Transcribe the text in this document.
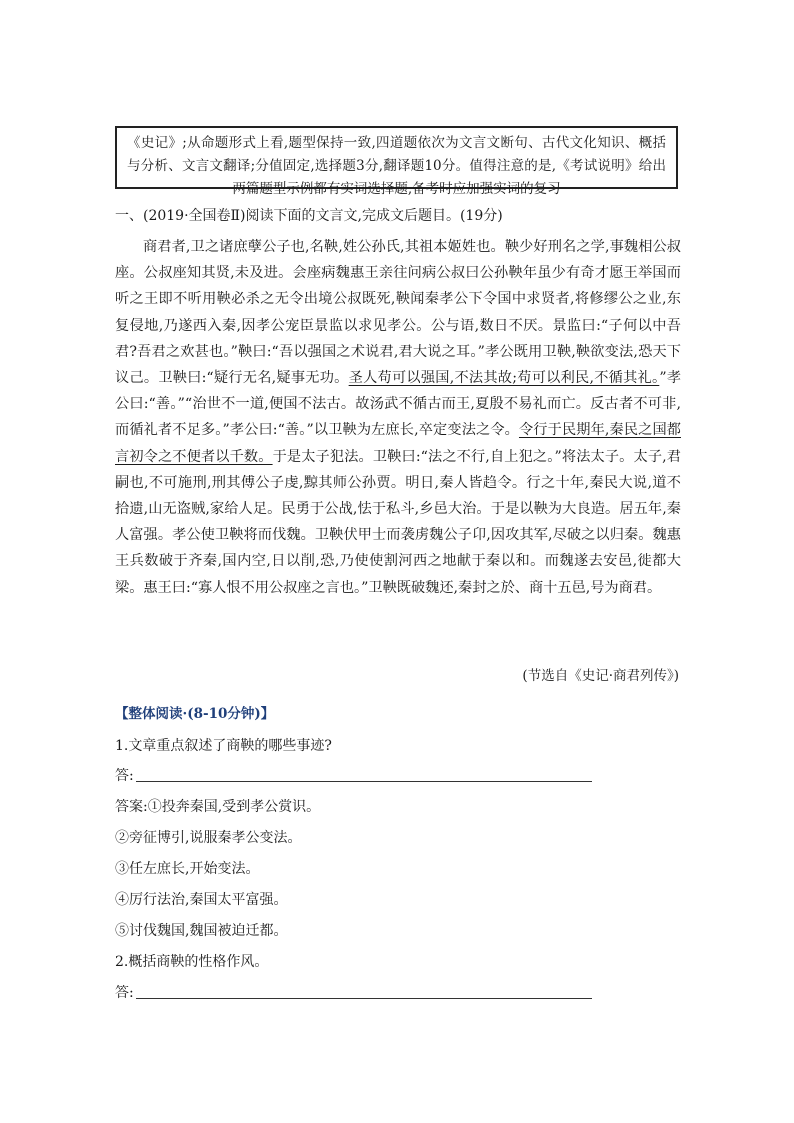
《史记》;从命题形式上看,题型保持一致,四道题依次为文言文断句、古代文化知识、概括与分析、文言文翻译;分值固定,选择题3分,翻译题10分。值得注意的是,《考试说明》给出两篇题型示例都有实词选择题,备考时应加强实词的复习
一、(2019·全国卷Ⅱ)阅读下面的文言文,完成文后题目。(19分)

商君者,卫之诸庶孽公子也,名鞅,姓公孙氏,其祖本姬姓也。鞅少好刑名之学,事魏相公叔座。公叔座知其贤,未及进。会座病魏惠王亲往问病公叔曰公孙鞅年虽少有奇才愿王举国而听之王即不听用鞅必杀之无令出境公叔既死,鞅闻秦孝公下令国中求贤者,将修缪公之业,东复侵地,乃遂西入秦,因孝公宠臣景监以求见孝公。公与语,数日不厌。景监曰:“子何以中吾君?吾君之欢甚也。”鞅曰:“吾以强国之术说君,君大说之耳。”孝公既用卫鞅,鞅欲变法,恐天下议己。卫鞅曰:“疑行无名,疑事无功。圣人苟可以强国,不法其故;苟可以利民,不循其礼。”孝公曰:“善。”“治世不一道,便国不法古。故汤武不循古而王,夏殷不易礼而亡。反古者不可非,而循礼者不足多。”孝公曰:“善。”以卫鞅为左庶长,卒定变法之令。令行于民期年,秦民之国都言初令之不便者以千数。于是太子犯法。卫鞅曰:“法之不行,自上犯之。”将法太子。太子,君嗣也,不可施刑,刑其傅公子虔,黥其师公孙贾。明日,秦人皆趋令。行之十年,秦民大说,道不拾遗,山无盗贼,家给人足。民勇于公战,怯于私斗,乡邑大治。于是以鞅为大良造。居五年,秦人富强。孝公使卫鞅将而伐魏。卫鞅伏甲士而袭虏魏公子卬,因攻其军,尽破之以归秦。魏惠王兵数破于齐秦,国内空,日以削,恐,乃使使割河西之地献于秦以和。而魏遂去安邑,徙都大梁。惠王曰:“寡人恨不用公叔座之言也。”卫鞅既破魏还,秦封之於、商十五邑,号为商君。

(节选自《史记·商君列传》)
【整体阅读·(8-10分钟)】
1.文章重点叙述了商鞅的哪些事迹?
答:
答案:①投奔秦国,受到孝公赏识。
②旁征博引,说服秦孝公变法。
③任左庶长,开始变法。
④厉行法治,秦国太平富强。
⑤讨伐魏国,魏国被迫迁都。
2.概括商鞅的性格作风。
答:
